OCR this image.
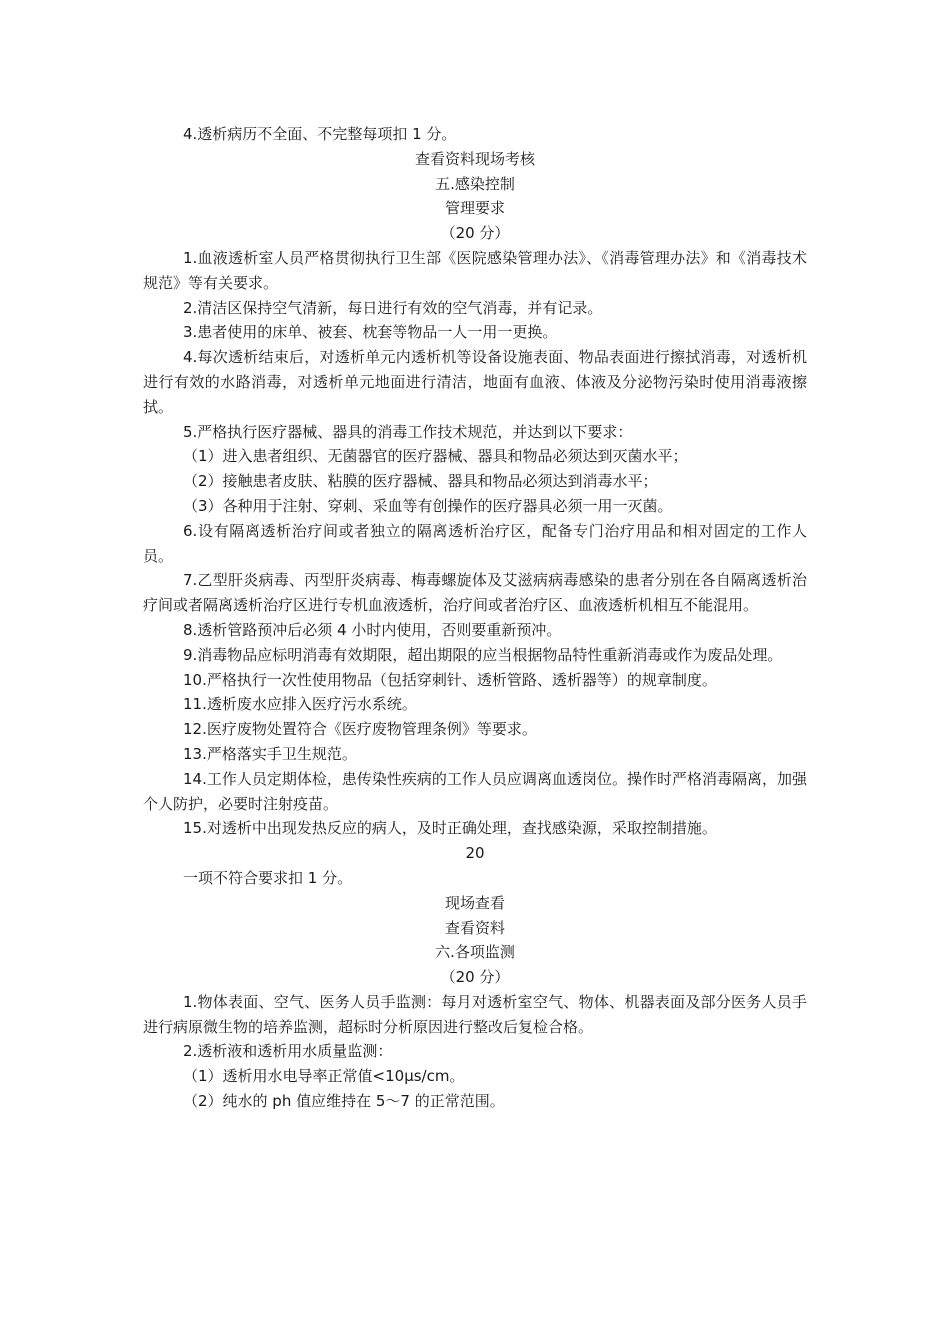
4.透析病历不全面、不完整每项扣 1 分。
查看资料现场考核
五.感染控制
管理要求
（20 分）
1.血液透析室人员严格贯彻执行卫生部《医院感染管理办法》、《消毒管理办法》和《消毒技术规范》等有关要求。
2.清洁区保持空气清新，每日进行有效的空气消毒，并有记录。
3.患者使用的床单、被套、枕套等物品一人一用一更换。
4.每次透析结束后，对透析单元内透析机等设备设施表面、物品表面进行擦拭消毒，对透析机进行有效的水路消毒，对透析单元地面进行清洁，地面有血液、体液及分泌物污染时使用消毒液擦拭。
5.严格执行医疗器械、器具的消毒工作技术规范，并达到以下要求：
（1）进入患者组织、无菌器官的医疗器械、器具和物品必须达到灭菌水平；
（2）接触患者皮肤、粘膜的医疗器械、器具和物品必须达到消毒水平；
（3）各种用于注射、穿刺、采血等有创操作的医疗器具必须一用一灭菌。
6.设有隔离透析治疗间或者独立的隔离透析治疗区，配备专门治疗用品和相对固定的工作人员。
7.乙型肝炎病毒、丙型肝炎病毒、梅毒螺旋体及艾滋病病毒感染的患者分别在各自隔离透析治疗间或者隔离透析治疗区进行专机血液透析，治疗间或者治疗区、血液透析机相互不能混用。
8.透析管路预冲后必须 4 小时内使用，否则要重新预冲。
9.消毒物品应标明消毒有效期限，超出期限的应当根据物品特性重新消毒或作为废品处理。
10.严格执行一次性使用物品（包括穿刺针、透析管路、透析器等）的规章制度。
11.透析废水应排入医疗污水系统。
12.医疗废物处置符合《医疗废物管理条例》等要求。
13.严格落实手卫生规范。
14.工作人员定期体检，患传染性疾病的工作人员应调离血透岗位。操作时严格消毒隔离，加强个人防护，必要时注射疫苗。
15.对透析中出现发热反应的病人，及时正确处理，查找感染源，采取控制措施。
20
一项不符合要求扣 1 分。
现场查看
查看资料
六.各项监测
（20 分）
1.物体表面、空气、医务人员手监测：每月对透析室空气、物体、机器表面及部分医务人员手进行病原微生物的培养监测，超标时分析原因进行整改后复检合格。
2.透析液和透析用水质量监测：
（1）透析用水电导率正常值<10μs/cm。
（2）纯水的 ph 值应维持在 5～7 的正常范围。
